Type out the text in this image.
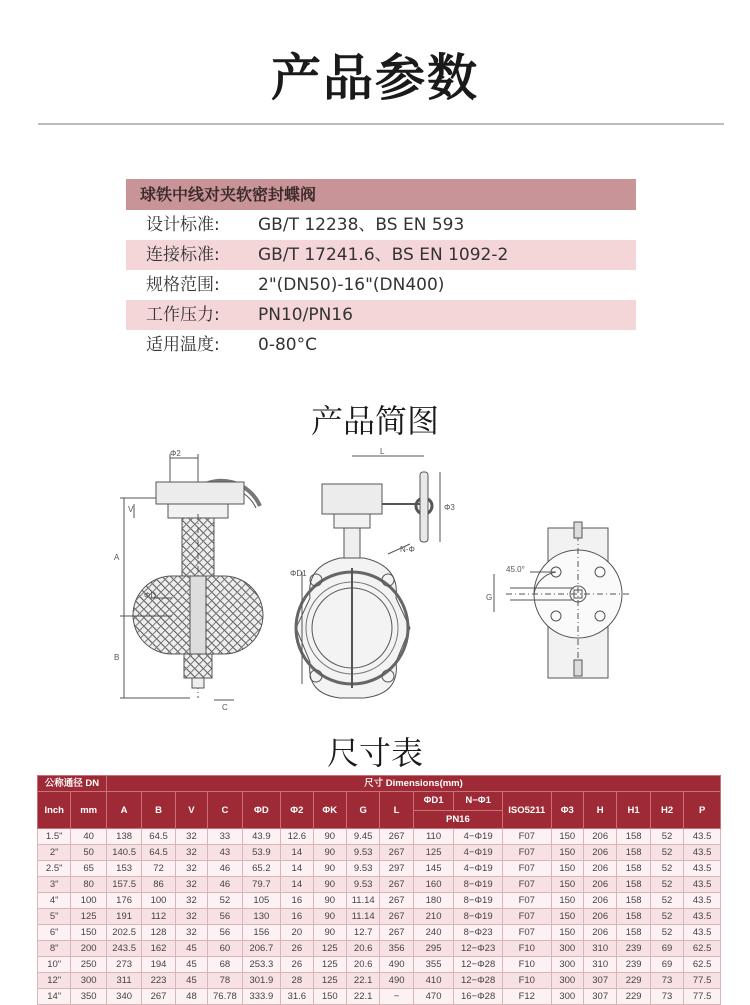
产品参数
球铁中线对夹软密封蝶阀
设计标准:	GB/T 12238、BS EN 593
连接标准:	GB/T 17241.6、BS EN 1092-2
规格范围:	2"(DN50)-16"(DN400)
工作压力:	PN10/PN16
适用温度:	0-80°C
产品简图
Φ2
V
A
B
C
ΦD
L
Φ3
N-Φ
ΦD1	45.0°
G
尺寸表
公称通径 DN		尺寸 Dimensions(mm)																
Inch	mm	A	B	V	C	ΦD	Φ2	ΦK	G	L	ΦD1	N−Φ1	ISO5211	Φ3	H	H1	H2	P
											PN16							
1.5"	40	138	64.5	32	33	43.9	12.6	90	9.45	267	110	4−Φ19	F07	150	206	158	52	43.5
2"	50	140.5	64.5	32	43	53.9	14	90	9.53	267	125	4−Φ19	F07	150	206	158	52	43.5
2.5"	65	153	72	32	46	65.2	14	90	9.53	297	145	4−Φ19	F07	150	206	158	52	43.5
3"	80	157.5	86	32	46	79.7	14	90	9.53	267	160	8−Φ19	F07	150	206	158	52	43.5
4"	100	176	100	32	52	105	16	90	11.14	267	180	8−Φ19	F07	150	206	158	52	43.5
5"	125	191	112	32	56	130	16	90	11.14	267	210	8−Φ19	F07	150	206	158	52	43.5
6"	150	202.5	128	32	56	156	20	90	12.7	267	240	8−Φ23	F07	150	206	158	52	43.5
8"	200	243.5	162	45	60	206.7	26	125	20.6	356	295	12−Φ23	F10	300	310	239	69	62.5
10"	250	273	194	45	68	253.3	26	125	20.6	490	355	12−Φ28	F10	300	310	239	69	62.5
12"	300	311	223	45	78	301.9	28	125	22.1	490	410	12−Φ28	F10	300	307	229	73	77.5
14"	350	340	267	48	76.78	333.9	31.6	150	22.1	−	470	16−Φ28	F12	300	307	229	73	77.5
